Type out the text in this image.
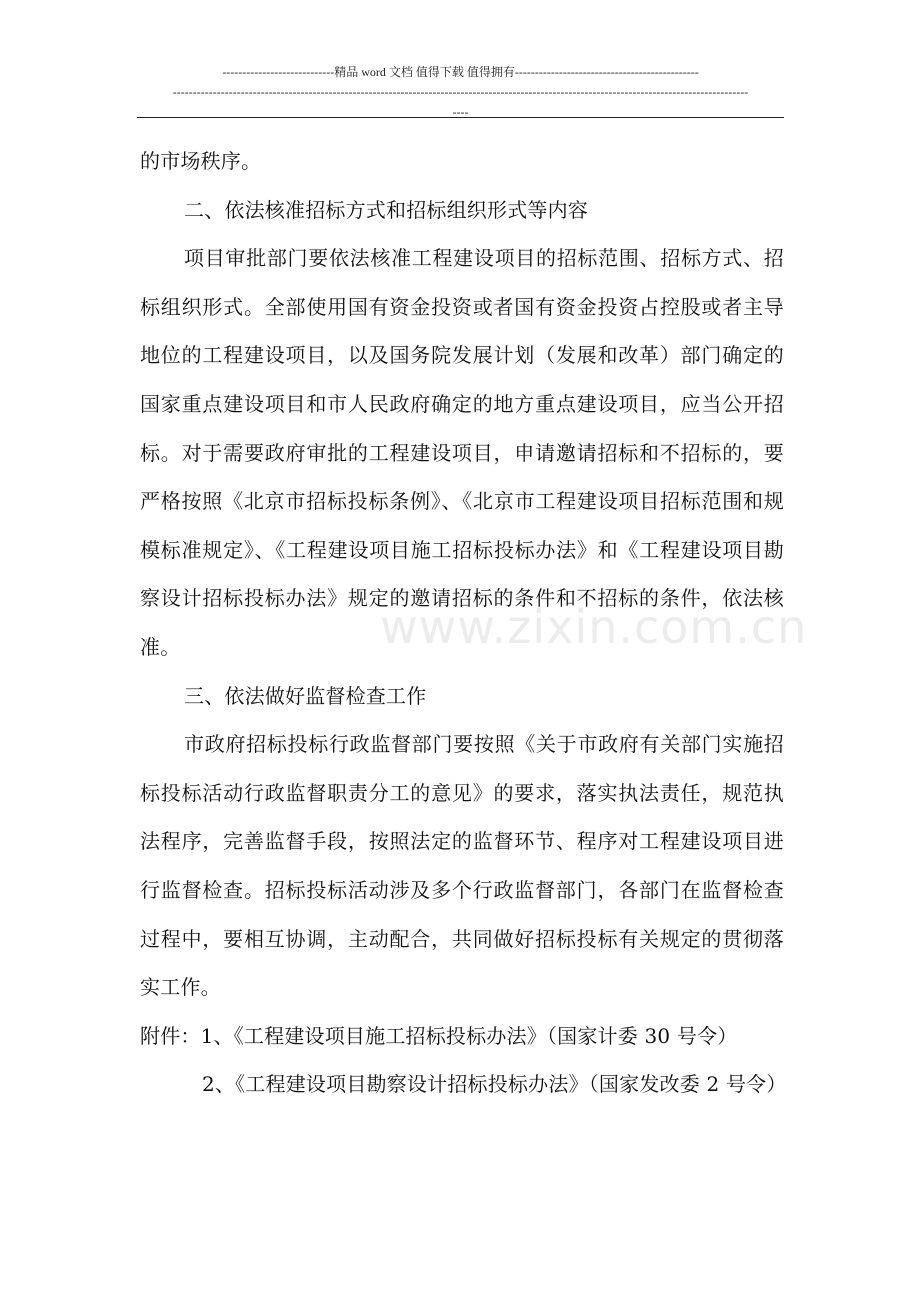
----------------------------精品 word 文档 值得下载 值得拥有----------------------------------------------
------------------------------------------------------------------------------------------------------------------------------------------------
----

的市场秩序。

二、依法核准招标方式和招标组织形式等内容

项目审批部门要依法核准工程建设项目的招标范围、招标方式、招标组织形式。全部使用国有资金投资或者国有资金投资占控股或者主导地位的工程建设项目，以及国务院发展计划（发展和改革）部门确定的国家重点建设项目和市人民政府确定的地方重点建设项目，应当公开招标。对于需要政府审批的工程建设项目，申请邀请招标和不招标的，要严格按照《北京市招标投标条例》、《北京市工程建设项目招标范围和规模标准规定》、《工程建设项目施工招标投标办法》和《工程建设项目勘察设计招标投标办法》规定的邀请招标的条件和不招标的条件，依法核准。

三、依法做好监督检查工作

市政府招标投标行政监督部门要按照《关于市政府有关部门实施招标投标活动行政监督职责分工的意见》的要求，落实执法责任，规范执法程序，完善监督手段，按照法定的监督环节、程序对工程建设项目进行监督检查。招标投标活动涉及多个行政监督部门，各部门在监督检查过程中，要相互协调，主动配合，共同做好招标投标有关规定的贯彻落实工作。

附件：1、《工程建设项目施工招标投标办法》（国家计委 30 号令）

2、《工程建设项目勘察设计招标投标办法》（国家发改委 2 号令）

www.zixin.com.cn
